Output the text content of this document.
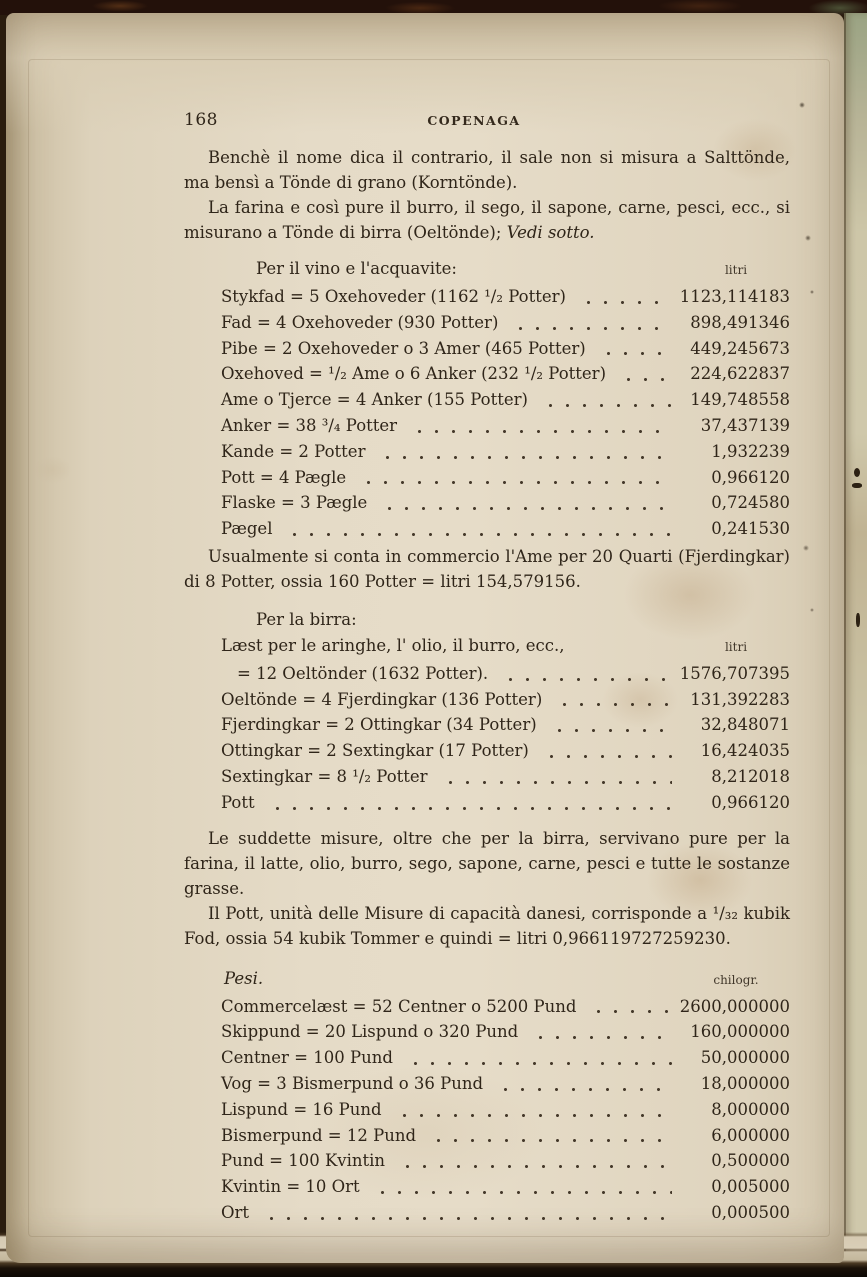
168	COPENAGA

Benchè il nome dica il contrario, il sale non si misura a Salttönde, ma bensì a Tönde di grano (Korntönde).

La farina e così pure il burro, il sego, il sapone, carne, pesci, ecc., si misurano a Tönde di birra (Oeltönde); Vedi sotto.

Per il vino e l'acquavite:	litri
Stykfad = 5 Oxehoveder (1162 ¹/₂ Potter)	1123,114183
Fad = 4 Oxehoveder (930 Potter)	898,491346
Pibe = 2 Oxehoveder o 3 Amer (465 Potter)	449,245673
Oxehoved = ¹/₂ Ame o 6 Anker (232 ¹/₂ Potter)	224,622837
Ame o Tjerce = 4 Anker (155 Potter)	149,748558
Anker = 38 ³/₄ Potter	37,437139
Kande = 2 Potter	1,932239
Pott = 4 Pægle	0,966120
Flaske = 3 Pægle	0,724580
Pægel	0,241530

Usualmente si conta in commercio l'Ame per 20 Quarti (Fjerdingkar) di 8 Potter, ossia 160 Potter = litri 154,579156.

Per la birra:
Læst per le aringhe, l' olio, il burro, ecc.,	litri
= 12 Oeltönder (1632 Potter).	1576,707395
Oeltönde = 4 Fjerdingkar (136 Potter)	131,392283
Fjerdingkar = 2 Ottingkar (34 Potter)	32,848071
Ottingkar = 2 Sextingkar (17 Potter)	16,424035
Sextingkar = 8 ¹/₂ Potter	8,212018
Pott	0,966120

Le suddette misure, oltre che per la birra, servivano pure per la farina, il latte, olio, burro, sego, sapone, carne, pesci e tutte le sostanze grasse.

Il Pott, unità delle Misure di capacità danesi, corrisponde a ¹/₃₂ kubik Fod, ossia 54 kubik Tommer e quindi = litri 0,966119727259230.

Pesi.	chilogr.
Commercelæst = 52 Centner o 5200 Pund	2600,000000
Skippund = 20 Lispund o 320 Pund	160,000000
Centner = 100 Pund	50,000000
Vog = 3 Bismerpund o 36 Pund	18,000000
Lispund = 16 Pund	8,000000
Bismerpund = 12 Pund	6,000000
Pund = 100 Kvintin	0,500000
Kvintin = 10 Ort	0,005000
Ort	0,000500
